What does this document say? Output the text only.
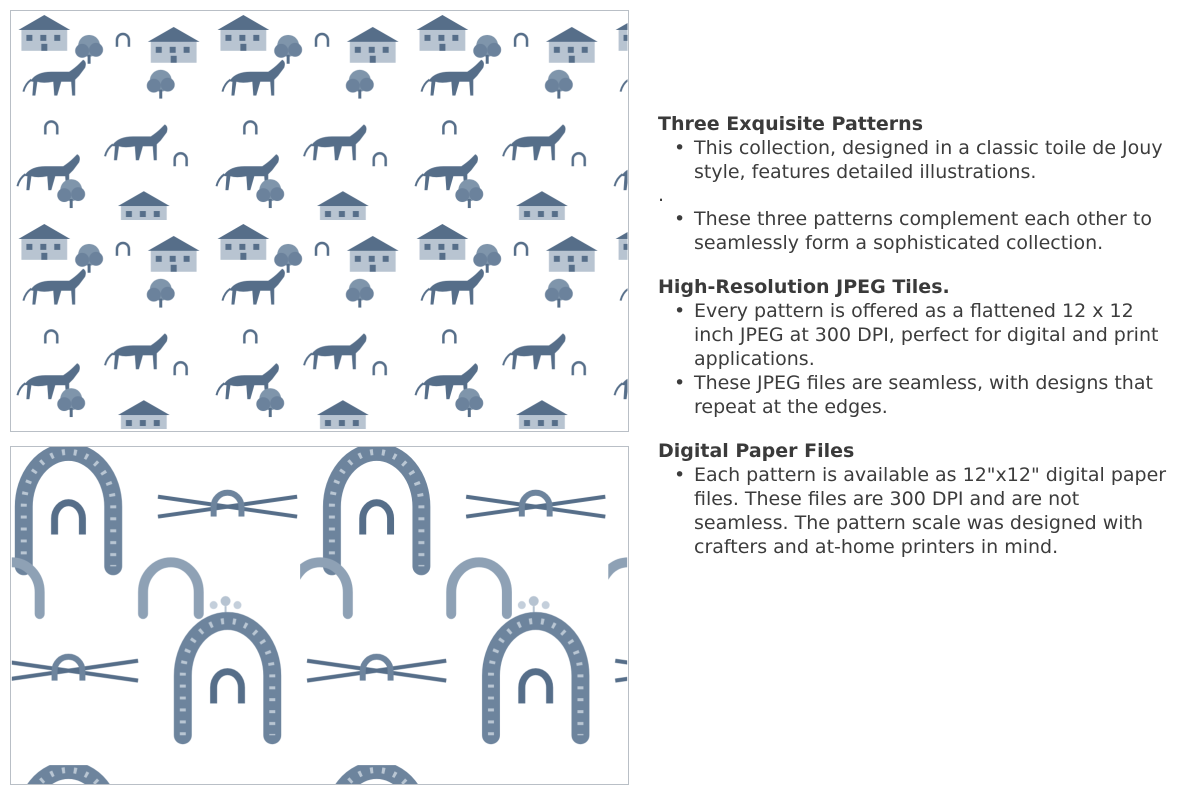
Three Exquisite Patterns
• This collection, designed in a classic toile de Jouy style, features detailed illustrations.

.

• These three patterns complement each other to seamlessly form a sophisticated collection.
High-Resolution JPEG Tiles.
• Every pattern is offered as a flattened 12 x 12 inch JPEG at 300 DPI, perfect for digital and print applications.
• These JPEG files are seamless, with designs that repeat at the edges.
Digital Paper Files
• Each pattern is available as 12"x12" digital paper files. These files are 300 DPI and are not seamless. The pattern scale was designed with crafters and at-home printers in mind.
